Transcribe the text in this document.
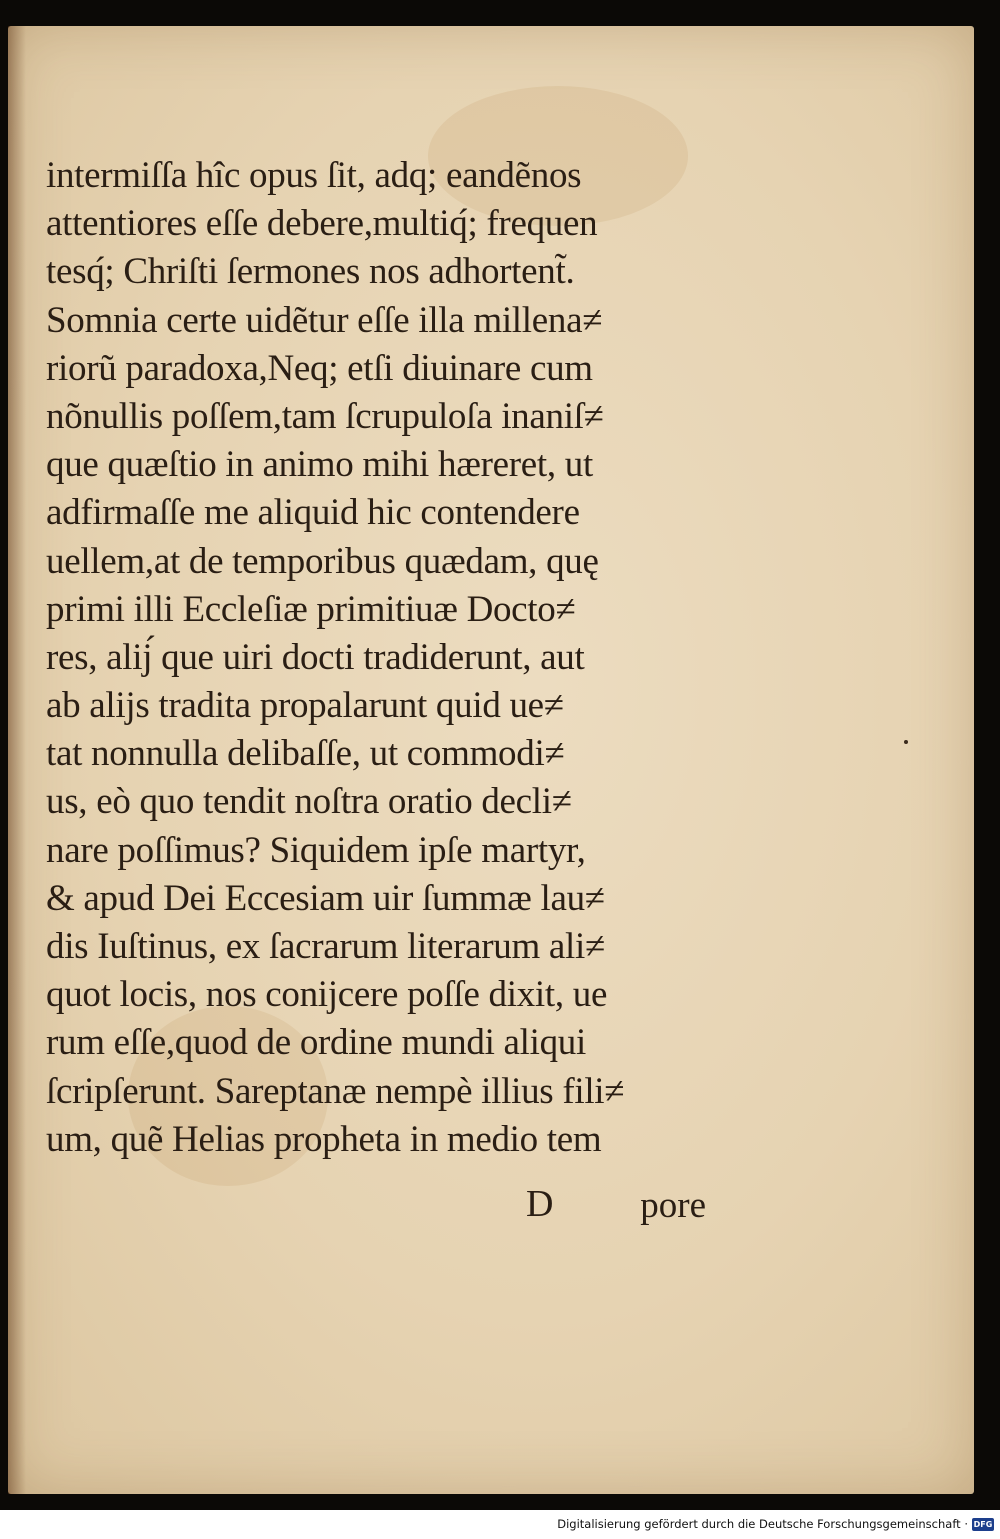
intermiſſa hîc opus ſit, adq; eandẽnos
attentiores eſſe debere,multiq́; frequen
tesq́; Chriſti ſermones nos adhortent̃.
Somnia certe uidẽtur eſſe illa millena≠
riorũ paradoxa,Neq; etſi diuinare cum
nõnullis poſſem,tam ſcrupuloſa inaniſ≠
que quæſtio in animo mihi hæreret, ut
adfirmaſſe me aliquid hic contendere
uellem,at de temporibus quædam, quę
primi illi Eccleſiæ primitiuæ Docto≠
res, alij́ que uiri docti tradiderunt, aut
ab alijs tradita propalarunt quid ue≠
tat nonnulla delibaſſe, ut commodi≠
us, eò quo tendit noſtra oratio decli≠
nare poſſimus? Siquidem ipſe martyr,
& apud Dei Eccesiam uir ſummæ lau≠
dis Iuſtinus, ex ſacrarum literarum ali≠
quot locis, nos conijcere poſſe dixit, ue
rum eſſe,quod de ordine mundi aliqui
ſcripſerunt. Sareptanæ nempè illius fili≠
um, quẽ Helias propheta in medio tem
D pore
Digitalisierung gefördert durch die Deutsche Forschungsgemeinschaft · DFG
